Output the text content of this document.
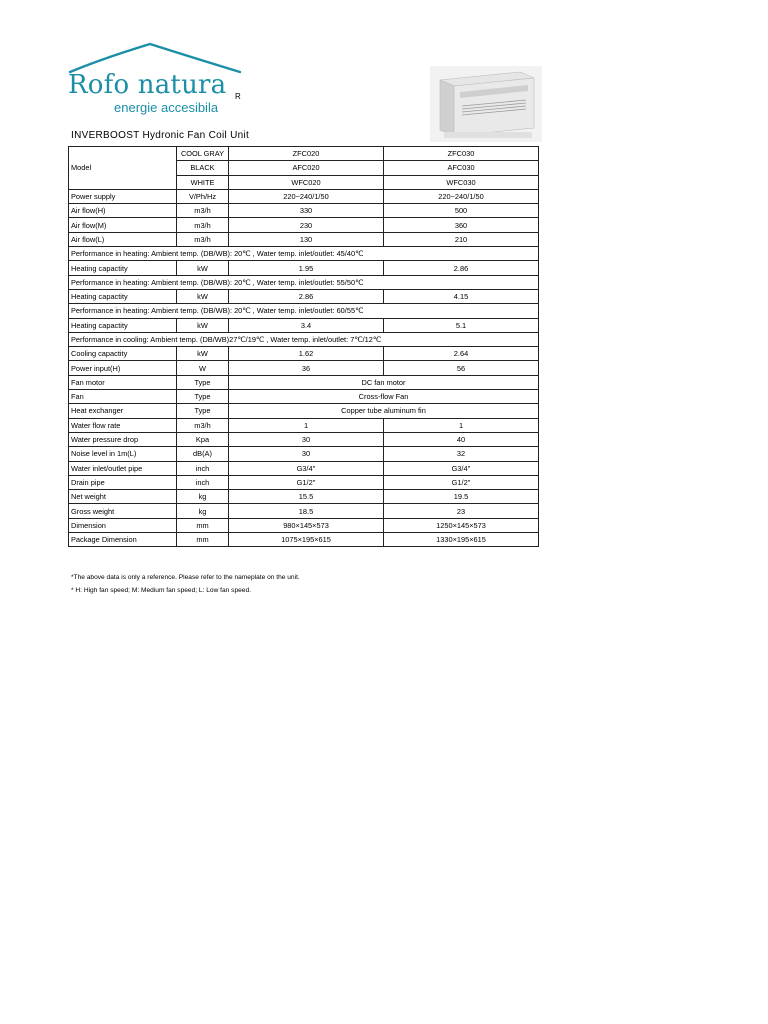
Rofo natura
energie accesibila
R
INVERBOOST Hydronic Fan Coil Unit
Model	COOL GRAY	ZFC020	ZFC030
	BLACK	AFC020	AFC030
	WHITE	WFC020	WFC030
Power supply	V/Ph/Hz	220~240/1/50	220~240/1/50
Air flow(H)	m3/h	330	500
Air flow(M)	m3/h	230	360
Air flow(L)	m3/h	130	210
Performance in heating: Ambient temp. (DB/WB): 20℃ , Water temp. inlet/outlet: 45/40℃			
Heating capactity	kW	1.95	2.86
Performance in heating: Ambient temp. (DB/WB): 20℃ , Water temp. inlet/outlet: 55/50℃			
Heating capactity	kW	2.86	4.15
Performance in heating: Ambient temp. (DB/WB): 20℃ , Water temp. inlet/outlet: 60/55℃			
Heating capactity	kW	3.4	5.1
Performance in cooling: Ambient temp. (DB/WB)27℃/19℃ , Water temp. inlet/outlet: 7℃/12℃			
Cooling capactity	kW	1.62	2.64
Power input(H)	W	36	56
Fan motor	Type	DC fan motor	
Fan	Type	Cross-flow Fan	
Heat exchanger	Type	Copper tube aluminum fin	
Water flow rate	m3/h	1	1
Water pressure drop	Kpa	30	40
Noise level in 1m(L)	dB(A)	30	32
Water inlet/outlet pipe	inch	G3/4''	G3/4''
Drain pipe	inch	G1/2"	G1/2"
Net weight	kg	15.5	19.5
Gross weight	kg	18.5	23
Dimension	mm	980×145×573	1250×145×573
Package Dimension	mm	1075×195×615	1330×195×615
*The above data is only a reference. Please refer to the nameplate on the unit.
* H: High fan speed; M: Medium fan speed; L: Low fan speed.
